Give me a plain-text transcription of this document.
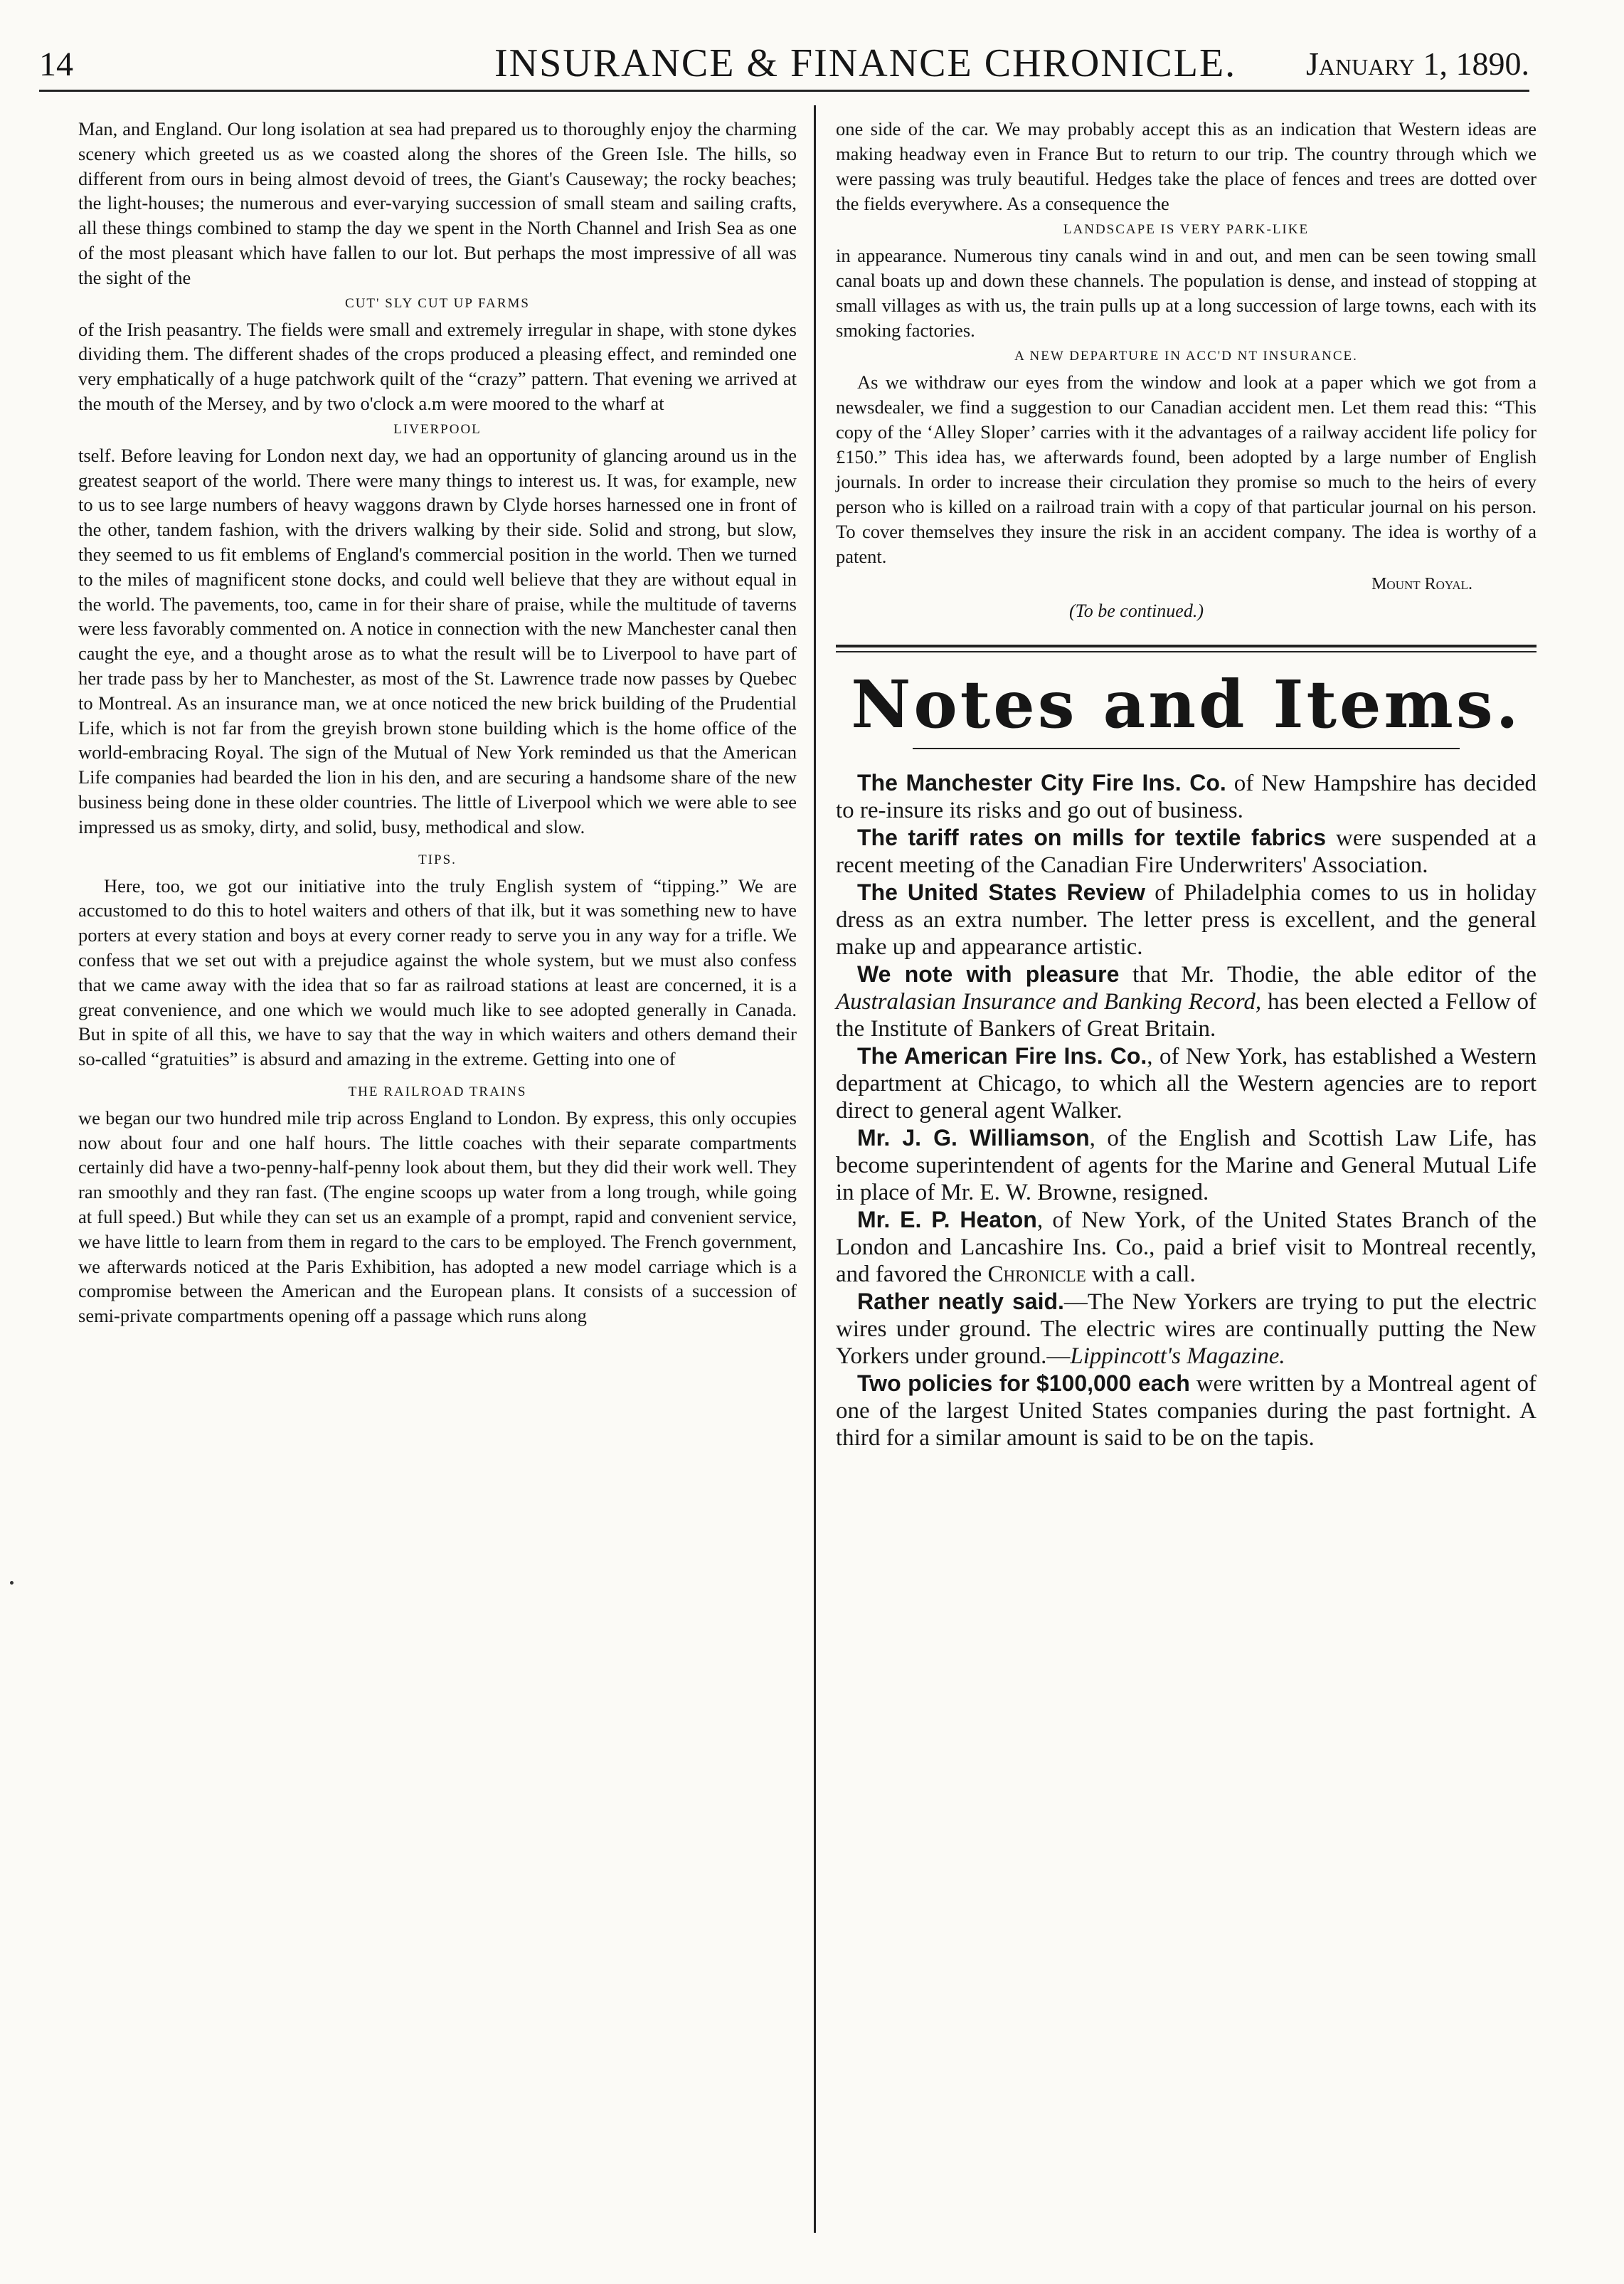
14	INSURANCE & FINANCE CHRONICLE. January 1, 1890.

Man, and England. Our long isolation at sea had prepared us to thoroughly enjoy the charming scenery which greeted us as we coasted along the shores of the Green Isle. The hills, so different from ours in being almost devoid of trees, the Giant's Causeway; the rocky beaches; the light-houses; the numerous and ever-varying succession of small steam and sailing crafts, all these things combined to stamp the day we spent in the North Channel and Irish Sea as one of the most pleasant which have fallen to our lot. But perhaps the most impressive of all was the sight of the

CUT' SLY CUT UP FARMS

of the Irish peasantry. The fields were small and extremely irregular in shape, with stone dykes dividing them. The different shades of the crops produced a pleasing effect, and reminded one very emphatically of a huge patchwork quilt of the “crazy” pattern. That evening we arrived at the mouth of the Mersey, and by two o'clock a.m were moored to the wharf at

LIVERPOOL

tself. Before leaving for London next day, we had an opportunity of glancing around us in the greatest seaport of the world. There were many things to interest us. It was, for example, new to us to see large numbers of heavy waggons drawn by Clyde horses harnessed one in front of the other, tandem fashion, with the drivers walking by their side. Solid and strong, but slow, they seemed to us fit emblems of England's commercial position in the world. Then we turned to the miles of magnificent stone docks, and could well believe that they are without equal in the world. The pavements, too, came in for their share of praise, while the multitude of taverns were less favorably commented on. A notice in connection with the new Manchester canal then caught the eye, and a thought arose as to what the result will be to Liverpool to have part of her trade pass by her to Manchester, as most of the St. Lawrence trade now passes by Quebec to Montreal. As an insurance man, we at once noticed the new brick building of the Prudential Life, which is not far from the greyish brown stone building which is the home office of the world-embracing Royal. The sign of the Mutual of New York reminded us that the American Life companies had bearded the lion in his den, and are securing a handsome share of the new business being done in these older countries. The little of Liverpool which we were able to see impressed us as smoky, dirty, and solid, busy, methodical and slow.

TIPS.

Here, too, we got our initiative into the truly English system of “tipping.” We are accustomed to do this to hotel waiters and others of that ilk, but it was something new to have porters at every station and boys at every corner ready to serve you in any way for a trifle. We confess that we set out with a prejudice against the whole system, but we must also confess that we came away with the idea that so far as railroad stations at least are concerned, it is a great convenience, and one which we would much like to see adopted generally in Canada. But in spite of all this, we have to say that the way in which waiters and others demand their so-called “gratuities” is absurd and amazing in the extreme. Getting into one of

THE RAILROAD TRAINS

we began our two hundred mile trip across England to London. By express, this only occupies now about four and one half hours. The little coaches with their separate compartments certainly did have a two-penny-half-penny look about them, but they did their work well. They ran smoothly and they ran fast. (The engine scoops up water from a long trough, while going at full speed.) But while they can set us an example of a prompt, rapid and convenient service, we have little to learn from them in regard to the cars to be employed. The French government, we afterwards noticed at the Paris Exhibition, has adopted a new model carriage which is a compromise between the American and the European plans. It consists of a succession of semi-private compartments opening off a passage which runs along

one side of the car. We may probably accept this as an indication that Western ideas are making headway even in France But to return to our trip. The country through which we were passing was truly beautiful. Hedges take the place of fences and trees are dotted over the fields everywhere. As a consequence the

LANDSCAPE IS VERY PARK-LIKE

in appearance. Numerous tiny canals wind in and out, and men can be seen towing small canal boats up and down these channels. The population is dense, and instead of stopping at small villages as with us, the train pulls up at a long succession of large towns, each with its smoking factories.

A NEW DEPARTURE IN ACC'D NT INSURANCE.

As we withdraw our eyes from the window and look at a paper which we got from a newsdealer, we find a suggestion to our Canadian accident men. Let them read this: “This copy of the ‘Alley Sloper’ carries with it the advantages of a railway accident life policy for £150.” This idea has, we afterwards found, been adopted by a large number of English journals. In order to increase their circulation they promise so much to the heirs of every person who is killed on a railroad train with a copy of that particular journal on his person. To cover themselves they insure the risk in an accident company. The idea is worthy of a patent.

Mount Royal.
(To be continued.)
Notes and Items.

The Manchester City Fire Ins. Co. of New Hampshire has decided to re-insure its risks and go out of business.

The tariff rates on mills for textile fabrics were suspended at a recent meeting of the Canadian Fire Underwriters' Association.

The United States Review of Philadelphia comes to us in holiday dress as an extra number. The letter press is excellent, and the general make up and appearance artistic.

We note with pleasure that Mr. Thodie, the able editor of the Australasian Insurance and Banking Record, has been elected a Fellow of the Institute of Bankers of Great Britain.

The American Fire Ins. Co., of New York, has established a Western department at Chicago, to which all the Western agencies are to report direct to general agent Walker.

Mr. J. G. Williamson, of the English and Scottish Law Life, has become superintendent of agents for the Marine and General Mutual Life in place of Mr. E. W. Browne, resigned.

Mr. E. P. Heaton, of New York, of the United States Branch of the London and Lancashire Ins. Co., paid a brief visit to Montreal recently, and favored the Chronicle with a call.

Rather neatly said.—The New Yorkers are trying to put the electric wires under ground. The electric wires are continually putting the New Yorkers under ground.—Lippincott's Magazine.

Two policies for $100,000 each were written by a Montreal agent of one of the largest United States companies during the past fortnight. A third for a similar amount is said to be on the tapis.
